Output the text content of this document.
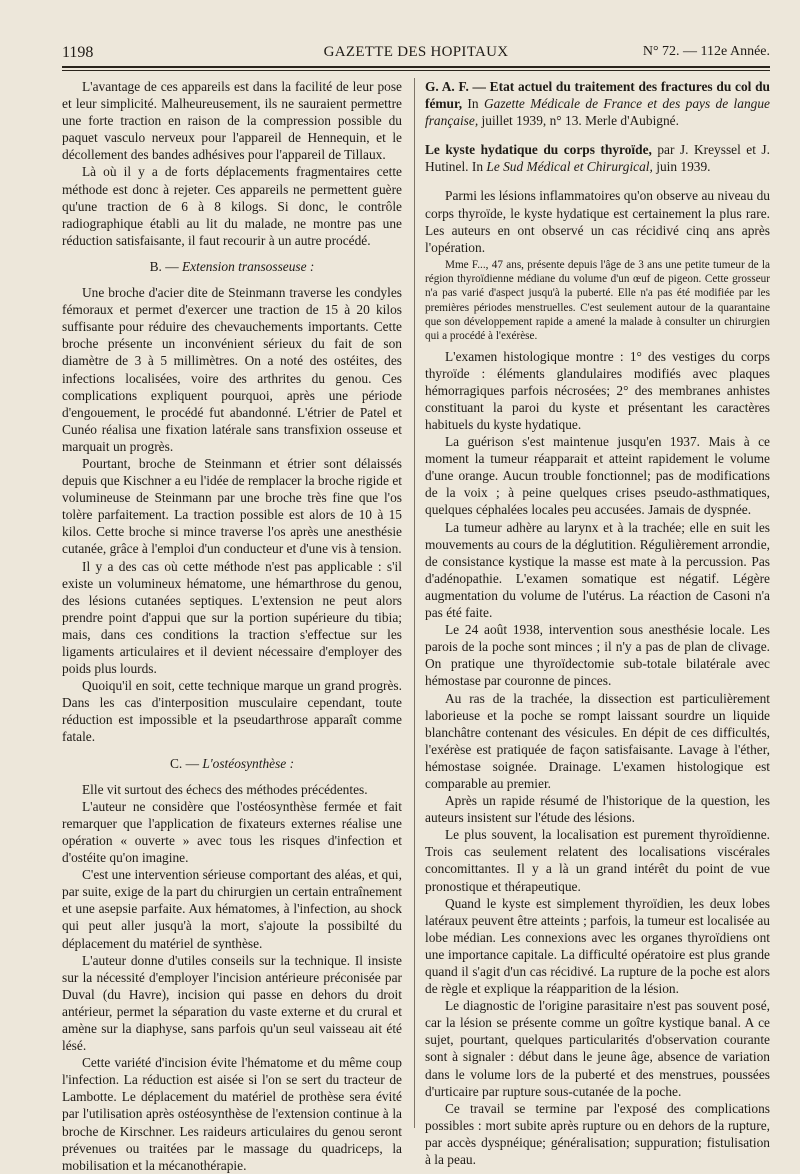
1198	GAZETTE DES HOPITAUX	N° 72. — 112e Année.

L'avantage de ces appareils est dans la facilité de leur pose et leur simplicité. Malheureusement, ils ne sauraient permettre une forte traction en raison de la compression possible du paquet vasculo nerveux pour l'appareil de Hennequin, et le décollement des bandes adhésives pour l'appareil de Tillaux.

Là où il y a de forts déplacements fragmentaires cette méthode est donc à rejeter. Ces appareils ne permettent guère qu'une traction de 6 à 8 kilogs. Si donc, le contrôle radiographique établi au lit du malade, ne montre pas une réduction satisfaisante, il faut recourir à un autre procédé.

B. — Extension transosseuse :

Une broche d'acier dite de Steinmann traverse les condyles fémoraux et permet d'exercer une traction de 15 à 20 kilos suffisante pour réduire des chevauchements importants. Cette broche présente un inconvénient sérieux du fait de son diamètre de 3 à 5 millimètres. On a noté des ostéites, des infections localisées, voire des arthrites du genou. Ces complications expliquent pourquoi, après une période d'engouement, le procédé fut abandonné. L'étrier de Patel et Cunéo réalisa une fixation latérale sans transfixion osseuse et marquait un progrès.

Pourtant, broche de Steinmann et étrier sont délaissés depuis que Kischner a eu l'idée de remplacer la broche rigide et volumineuse de Steinmann par une broche très fine que l'os tolère parfaitement. La traction possible est alors de 10 à 15 kilos. Cette broche si mince traverse l'os après une anesthésie cutanée, grâce à l'emploi d'un conducteur et d'une vis à tension.

Il y a des cas où cette méthode n'est pas applicable : s'il existe un volumineux hématome, une hémarthrose du genou, des lésions cutanées septiques. L'extension ne peut alors prendre point d'appui que sur la portion supérieure du tibia; mais, dans ces conditions la traction s'effectue sur les ligaments articulaires et il devient nécessaire d'employer des poids plus lourds.

Quoiqu'il en soit, cette technique marque un grand progrès. Dans les cas d'interposition musculaire cependant, toute réduction est impossible et la pseudarthrose apparaît comme fatale.

C. — L'ostéosynthèse :

Elle vit surtout des échecs des méthodes précédentes.

L'auteur ne considère que l'ostéosynthèse fermée et fait remarquer que l'application de fixateurs externes réalise une opération « ouverte » avec tous les risques d'infection et d'ostéite qu'on imagine.

C'est une intervention sérieuse comportant des aléas, et qui, par suite, exige de la part du chirurgien un certain entraînement et une asepsie parfaite. Aux hématomes, à l'infection, au shock qui peut aller jusqu'à la mort, s'ajoute la possibilté du déplacement du matériel de synthèse.

L'auteur donne d'utiles conseils sur la technique. Il insiste sur la nécessité d'employer l'incision antérieure préconisée par Duval (du Havre), incision qui passe en dehors du droit antérieur, permet la séparation du vaste externe et du crural et amène sur la diaphyse, sans parfois qu'un seul vaisseau ait été lésé.

Cette variété d'incision évite l'hématome et du même coup l'infection. La réduction est aisée si l'on se sert du tracteur de Lambotte. Le déplacement du matériel de prothèse sera évité par l'utilisation après ostéosynthèse de l'extension continue à la broche de Kirschner. Les raideurs articulaires du genou seront prévenues ou traitées par le massage du quadriceps, la mobilisation et la mécanothérapie.

G. A. F. — Etat actuel du traitement des fractures du col du fémur, In Gazette Médicale de France et des pays de langue française, juillet 1939, n° 13. Merle d'Aubigné.

Le kyste hydatique du corps thyroïde, par J. Kreyssel et J. Hutinel. In Le Sud Médical et Chirurgical, juin 1939.

Parmi les lésions inflammatoires qu'on observe au niveau du corps thyroïde, le kyste hydatique est certainement la plus rare. Les auteurs en ont observé un cas récidivé cinq ans après l'opération.

Mme F..., 47 ans, présente depuis l'âge de 3 ans une petite tumeur de la région thyroïdienne médiane du volume d'un œuf de pigeon. Cette grosseur n'a pas varié d'aspect jusqu'à la puberté. Elle n'a pas été modifiée par les premières périodes menstruelles. C'est seulement autour de la quarantaine que son développement rapide a amené la malade à consulter un chirurgien qui a procédé à l'exérèse.

L'examen histologique montre : 1° des vestiges du corps thyroïde : éléments glandulaires modifiés avec plaques hémorragiques parfois nécrosées; 2° des membranes anhistes constituant la paroi du kyste et présentant les caractères habituels du kyste hydatique.

La guérison s'est maintenue jusqu'en 1937. Mais à ce moment la tumeur réapparait et atteint rapidement le volume d'une orange. Aucun trouble fonctionnel; pas de modifications de la voix ; à peine quelques crises pseudo-asthmatiques, quelques céphalées locales peu accusées. Jamais de dyspnée.

La tumeur adhère au larynx et à la trachée; elle en suit les mouvements au cours de la déglutition. Régulièrement arrondie, de consistance kystique la masse est mate à la percussion. Pas d'adénopathie. L'examen somatique est négatif. Légère augmentation du volume de l'utérus. La réaction de Casoni n'a pas été faite.

Le 24 août 1938, intervention sous anesthésie locale. Les parois de la poche sont minces ; il n'y a pas de plan de clivage. On pratique une thyroïdectomie sub-totale bilatérale avec hémostase par couronne de pinces.

Au ras de la trachée, la dissection est particulièrement laborieuse et la poche se rompt laissant sourdre un liquide blanchâtre contenant des vésicules. En dépit de ces difficultés, l'exérèse est pratiquée de façon satisfaisante. Lavage à l'éther, hémostase soignée. Drainage. L'examen histologique est comparable au premier.

Après un rapide résumé de l'historique de la question, les auteurs insistent sur l'étude des lésions.

Le plus souvent, la localisation est purement thyroïdienne. Trois cas seulement relatent des localisations viscérales concomittantes. Il y a là un grand intérêt du point de vue pronostique et thérapeutique.

Quand le kyste est simplement thyroïdien, les deux lobes latéraux peuvent être atteints ; parfois, la tumeur est localisée au lobe médian. Les connexions avec les organes thyroïdiens ont une importance capitale. La difficulté opératoire est plus grande quand il s'agit d'un cas récidivé. La rupture de la poche est alors de règle et explique la réapparition de la lésion.

Le diagnostic de l'origine parasitaire n'est pas souvent posé, car la lésion se présente comme un goître kystique banal. A ce sujet, pourtant, quelques particularités d'observation courante sont à signaler : début dans le jeune âge, absence de variation dans le volume lors de la puberté et des menstrues, poussées d'urticaire par rupture sous-cutanée de la poche.

Ce travail se termine par l'exposé des complications possibles : mort subite après rupture ou en dehors de la rupture, par accès dyspnéique; généralisation; suppuration; fistulisation à la peau.
